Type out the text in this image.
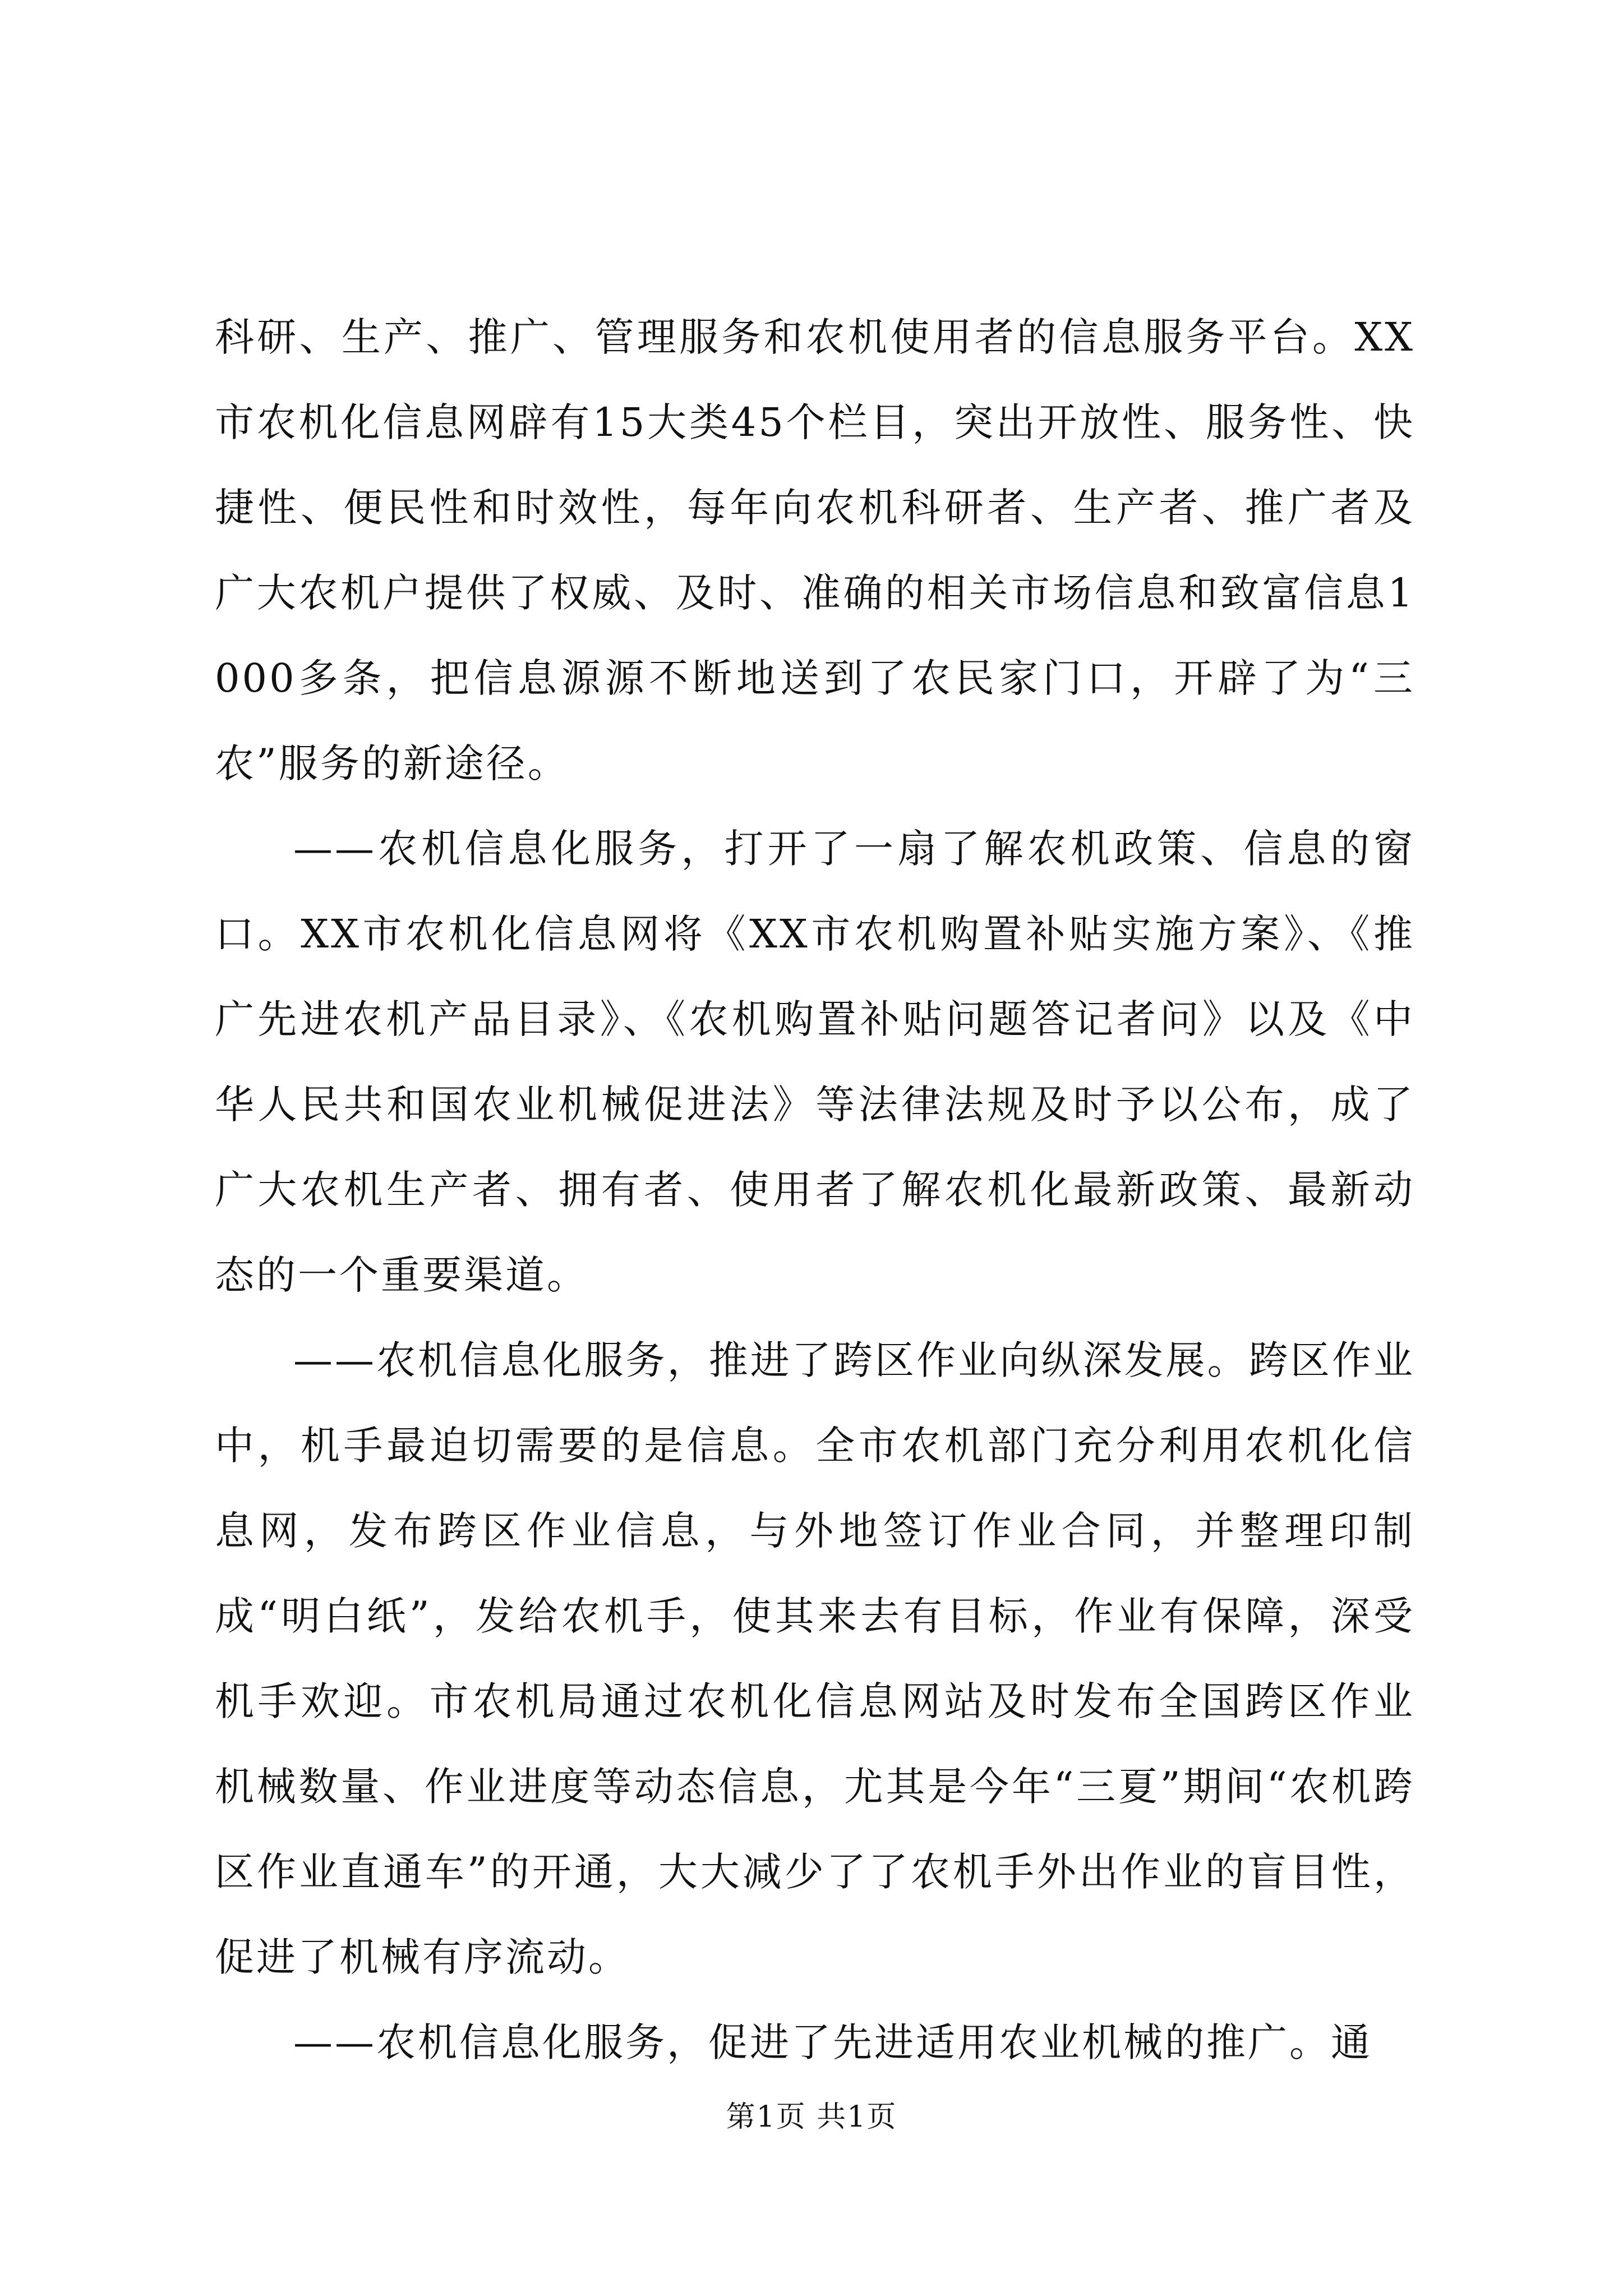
科研、生产、推广、管理服务和农机使用者的信息服务平台。XX市农机化信息网辟有15大类45个栏目，突出开放性、服务性、快捷性、便民性和时效性，每年向农机科研者、生产者、推广者及广大农机户提供了权威、及时、准确的相关市场信息和致富信息1000多条，把信息源源不断地送到了农民家门口，开辟了为“三农”服务的新途径。

——农机信息化服务，打开了一扇了解农机政策、信息的窗口。XX市农机化信息网将《XX市农机购置补贴实施方案》、《推广先进农机产品目录》、《农机购置补贴问题答记者问》以及《中华人民共和国农业机械促进法》等法律法规及时予以公布，成了广大农机生产者、拥有者、使用者了解农机化最新政策、最新动态的一个重要渠道。

——农机信息化服务，推进了跨区作业向纵深发展。跨区作业中，机手最迫切需要的是信息。全市农机部门充分利用农机化信息网，发布跨区作业信息，与外地签订作业合同，并整理印制成“明白纸”，发给农机手，使其来去有目标，作业有保障，深受机手欢迎。市农机局通过农机化信息网站及时发布全国跨区作业机械数量、作业进度等动态信息，尤其是今年“三夏”期间“农机跨区作业直通车”的开通，大大减少了了农机手外出作业的盲目性，促进了机械有序流动。

——农机信息化服务，促进了先进适用农业机械的推广。通

第1页 共1页
